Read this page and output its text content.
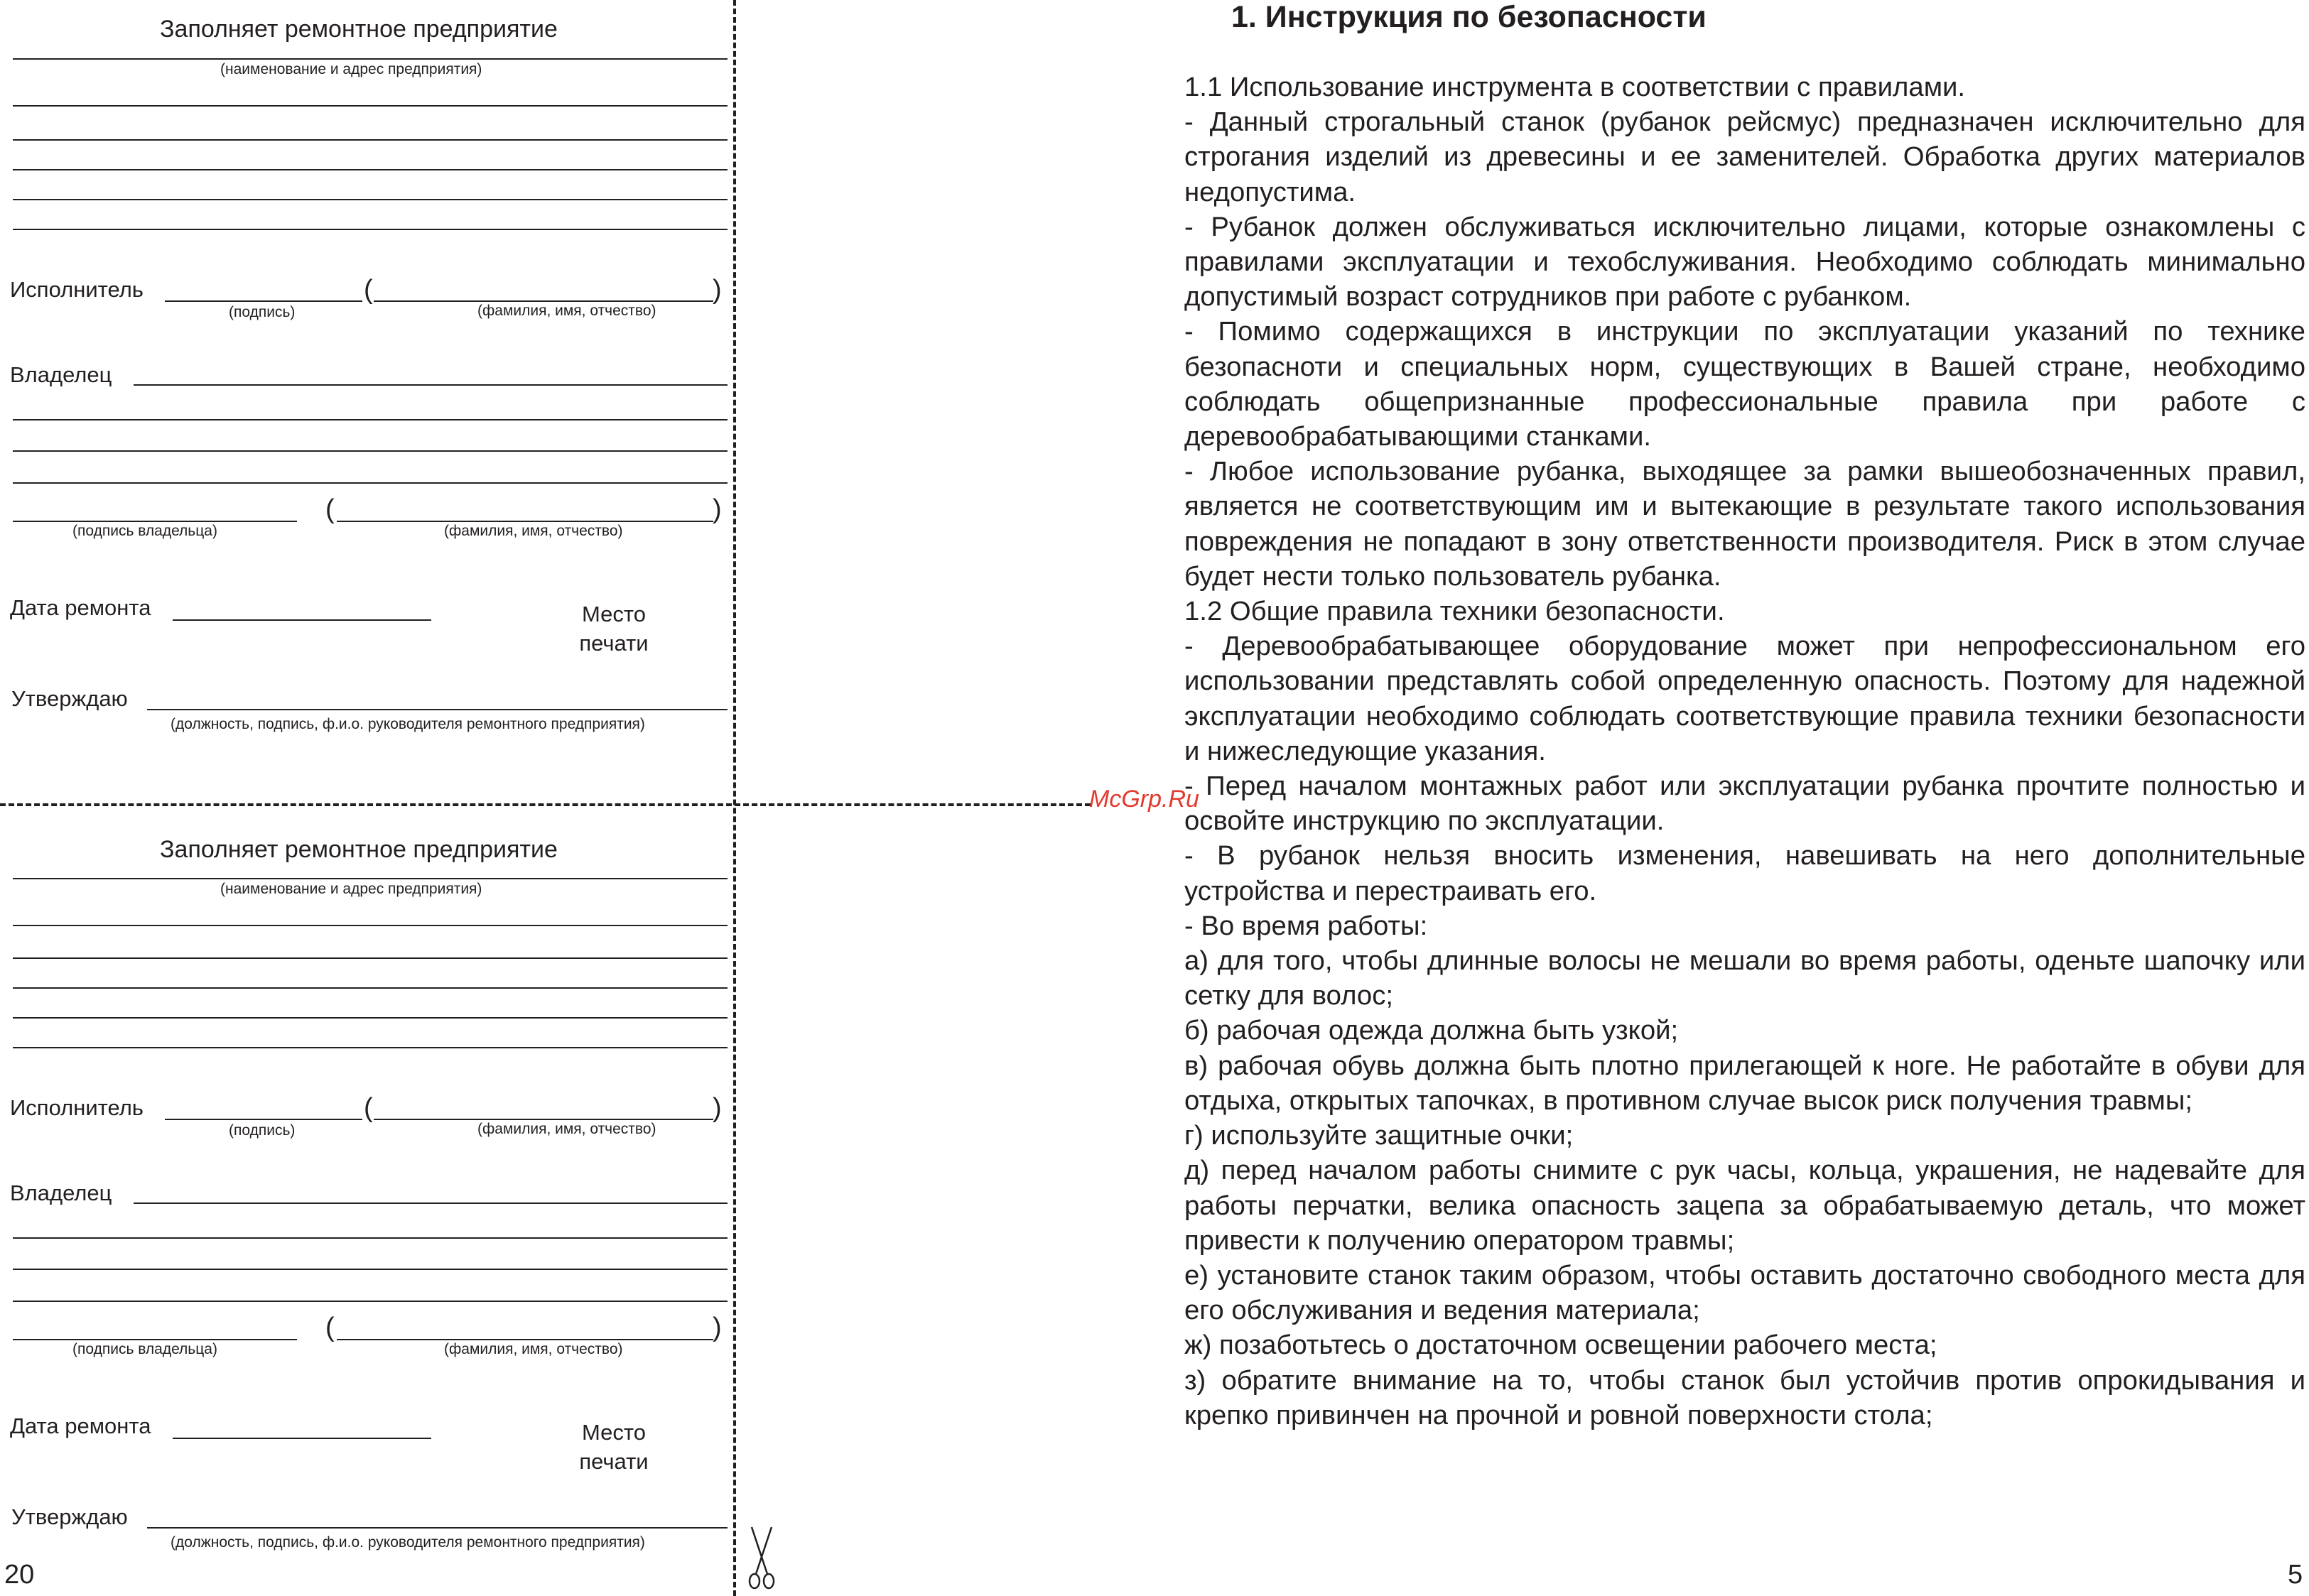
Заполняет ремонтное предприятие
(наименование и адрес предприятия)
Исполнитель	(	)
(подпись)	(фамилия, имя, отчество)
Владелец
(	)
(подпись владельца)	(фамилия, имя, отчество)
Дата ремонта	Место
печати
Утверждаю
(должность, подпись, ф.и.о. руководителя ремонтного предприятия)
Заполняет ремонтное предприятие
(наименование и адрес предприятия)
Исполнитель	(	)
(подпись)	(фамилия, имя, отчество)
Владелец
(	)
(подпись владельца)	(фамилия, имя, отчество)
Дата ремонта	Место
печати
Утверждаю
(должность, подпись, ф.и.о. руководителя ремонтного предприятия)
20
McGrp.Ru
1. Инструкция по безопасности

1.1 Использование инструмента в соответствии с правилами.

- Данный строгальный станок (рубанок рейсмус) предназначен исключительно для строгания изделий из древесины и ее заменителей. Обработка других материалов недопустима.

- Рубанок должен обслуживаться исключительно лицами, которые ознакомлены с правилами эксплуатации и техобслуживания. Необходимо соблюдать минимально допустимый возраст сотрудников при работе с рубанком.

- Помимо содержащихся в инструкции по эксплуатации указаний по технике безопасноти и специальных норм, существующих в Вашей стране, необходимо соблюдать общепризнанные профессиональные правила при работе с деревообрабатывающими станками.

- Любое использование рубанка, выходящее за рамки вышеобозначенных правил, является не соответствующим им и вытекающие в результате такого использования повреждения не попадают в зону ответственности производителя. Риск в этом случае будет нести только пользователь рубанка.

1.2 Общие правила техники безопасности.

- Деревообрабатывающее оборудование может при непрофессиональном его использовании представлять собой определенную опасность. Поэтому для надежной эксплуатации необходимо соблюдать соответствующие правила техники безопасности и нижеследующие указания.

- Перед началом монтажных работ или эксплуатации рубанка прочтите полностью и освойте инструкцию по эксплуатации.

- В рубанок нельзя вносить изменения, навешивать на него дополнительные устройства и перестраивать его.

- Во время работы:

а) для того, чтобы длинные волосы не мешали во время работы, оденьте шапочку или сетку для волос;

б) рабочая одежда должна быть узкой;

в) рабочая обувь должна быть плотно прилегающей к ноге. Не работайте в обуви для отдыха, открытых тапочках, в противном случае высок риск получения травмы;

г) используйте защитные очки;

д) перед началом работы снимите с рук часы, кольца, украшения, не надевайте для работы перчатки, велика опасность зацепа за обрабатываемую деталь, что может привести к получению оператором травмы;

е) установите станок таким образом, чтобы оставить достаточно свободного места для его обслуживания и ведения материала;

ж) позаботьтесь о достаточном освещении рабочего места;

з) обратите внимание на то, чтобы станок был устойчив против опрокидывания и крепко привинчен на прочной и ровной поверхности стола;

5
